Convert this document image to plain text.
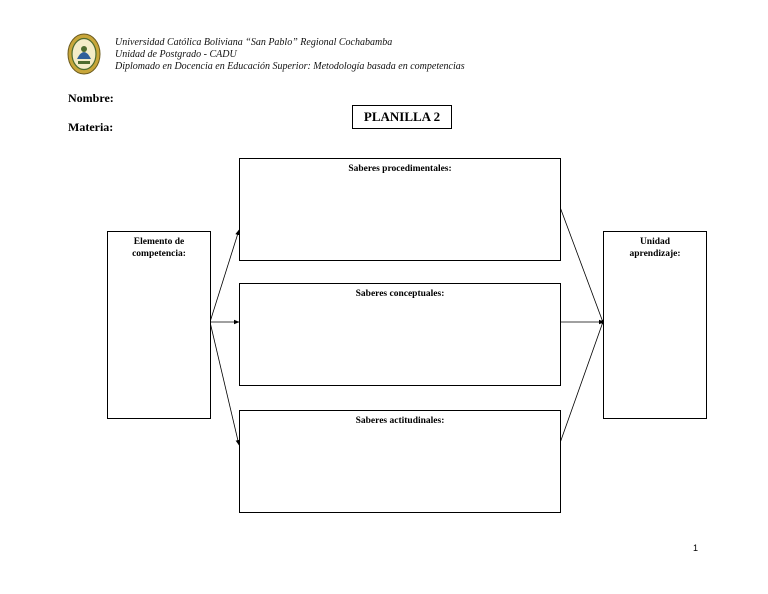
Universidad Católica Boliviana “San Pablo” Regional Cochabamba
Unidad de Postgrado - CADU
Diplomado en Docencia en Educación Superior: Metodología basada en competencias
Nombre:
Materia:
PLANILLA 2
Elemento de competencia:
Saberes procedimentales:
Saberes conceptuales:
Saberes actitudinales:
Unidad aprendizaje:
1
